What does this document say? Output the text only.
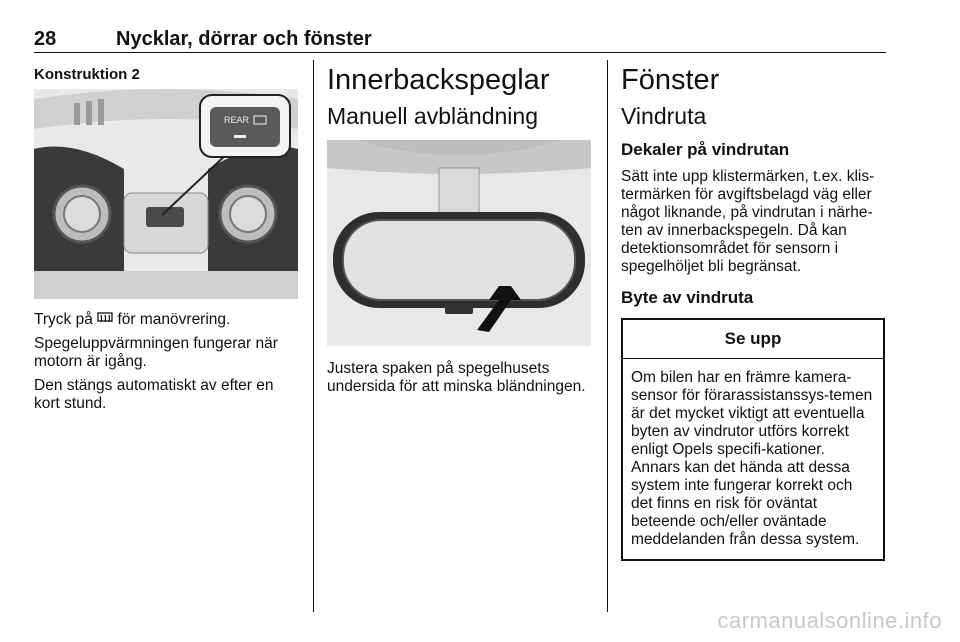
28	Nycklar, dörrar och fönster
Konstruktion 2
REAR

Tryck på för manövrering.

Spegeluppvärmningen fungerar när motorn är igång.

Den stängs automatiskt av efter en kort stund.

Innerbackspeglar
Manuell avbländning

Justera spaken på spegelhusets undersida för att minska bländningen.

Fönster
Vindruta
Dekaler på vindrutan

Sätt inte upp klistermärken, t.ex. klis-termärken för avgiftsbelagd väg eller något liknande, på vindrutan i närhe-ten av innerbackspegeln. Då kan detektionsområdet för sensorn i spegelhöljet bli begränsat.

Byte av vindruta
Se upp
Om bilen har en främre kamera-sensor för förarassistanssys-temen är det mycket viktigt att eventuella byten av vindrutor utförs korrekt enligt Opels specifi-kationer. Annars kan det hända att dessa system inte fungerar korrekt och det finns en risk för oväntat beteende och/eller oväntade meddelanden från dessa system.
carmanualsonline.info
